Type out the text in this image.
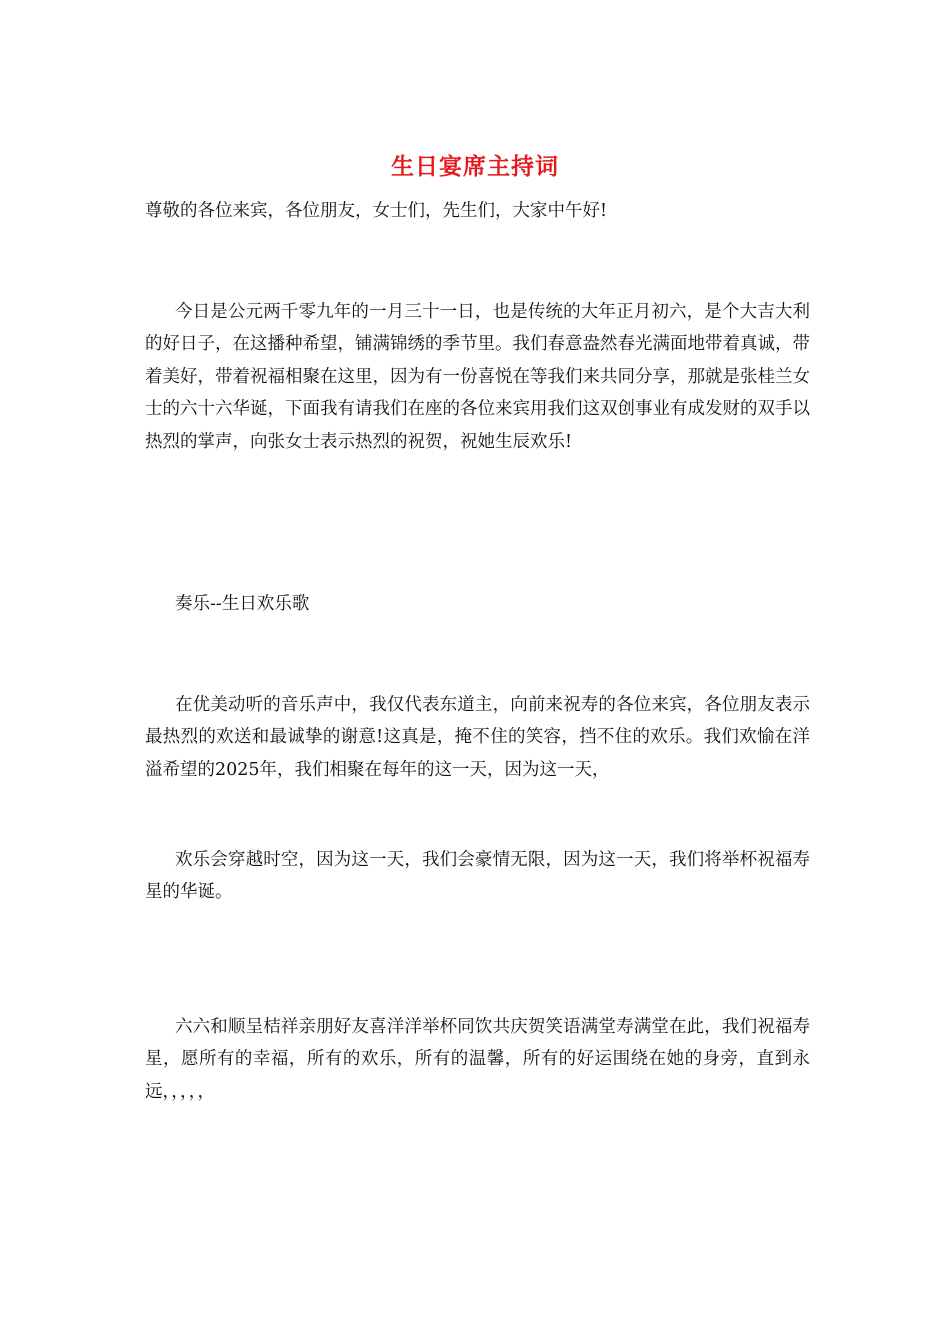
生日宴席主持词

尊敬的各位来宾，各位朋友，女士们，先生们，大家中午好!

今日是公元两千零九年的一月三十一日，也是传统的大年正月初六，是个大吉大利的好日子，在这播种希望，铺满锦绣的季节里。我们春意盎然春光满面地带着真诚，带着美好，带着祝福相聚在这里，因为有一份喜悦在等我们来共同分享，那就是张桂兰女士的六十六华诞，下面我有请我们在座的各位来宾用我们这双创事业有成发财的双手以热烈的掌声，向张女士表示热烈的祝贺，祝她生辰欢乐!

奏乐--生日欢乐歌

在优美动听的音乐声中，我仅代表东道主，向前来祝寿的各位来宾，各位朋友表示最热烈的欢送和最诚挚的谢意!这真是，掩不住的笑容，挡不住的欢乐。我们欢愉在洋溢希望的2025年，我们相聚在每年的这一天，因为这一天，

欢乐会穿越时空，因为这一天，我们会豪情无限，因为这一天，我们将举杯祝福寿星的华诞。

六六和顺呈桔祥亲朋好友喜洋洋举杯同饮共庆贺笑语满堂寿满堂在此，我们祝福寿星，愿所有的幸福，所有的欢乐，所有的温馨，所有的好运围绕在她的身旁，直到永远，，，，，
